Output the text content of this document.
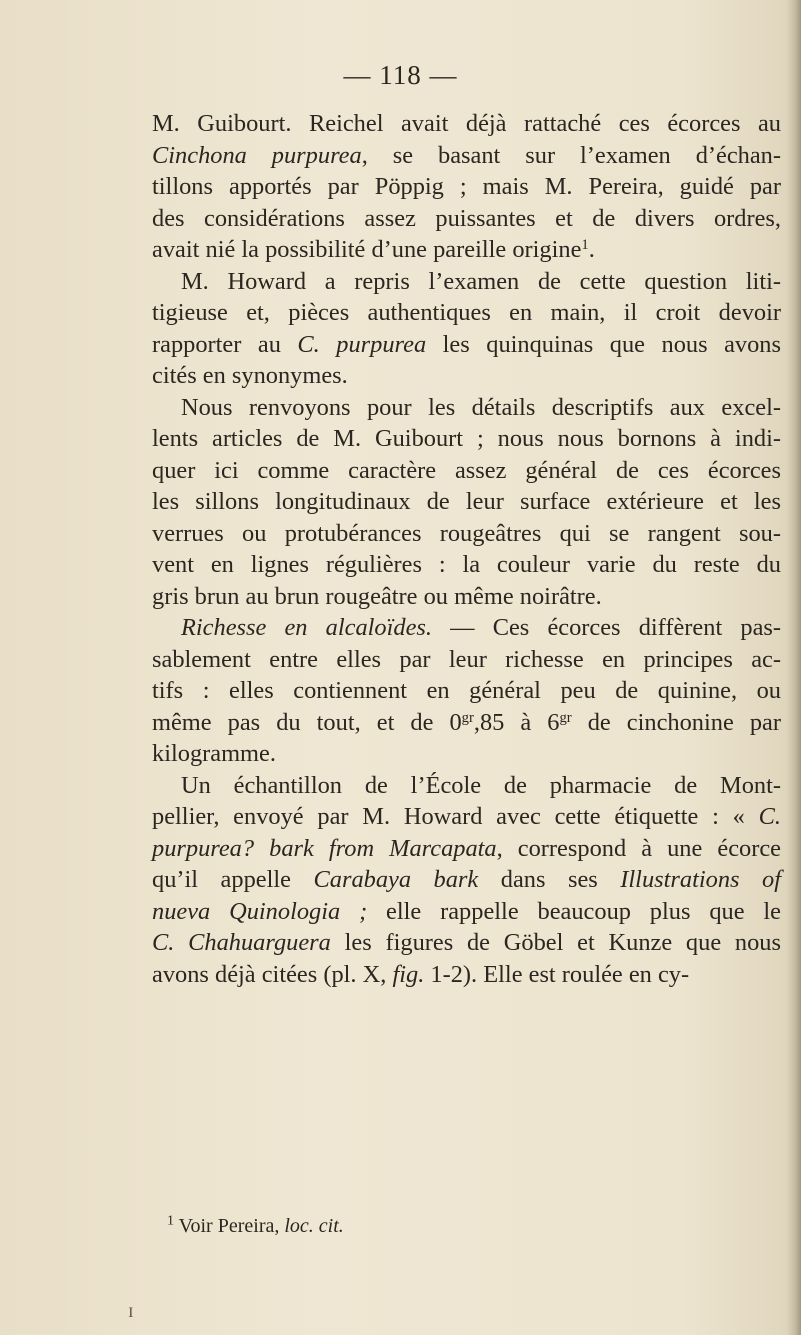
— 118 —

M. Guibourt. Reichel avait déjà rattaché ces écorces au
Cinchona purpurea, se basant sur l’examen d’échan-
tillons apportés par Pöppig ; mais M. Pereira, guidé par
des considérations assez puissantes et de divers ordres,
avait nié la possibilité d’une pareille origine$^1$.

M. Howard a repris l’examen de cette question liti-
tigieuse et, pièces authentiques en main, il croit devoir
rapporter au C. purpurea les quinquinas que nous avons
cités en synonymes.

Nous renvoyons pour les détails descriptifs aux excel-
lents articles de M. Guibourt ; nous nous bornons à indi-
quer ici comme caractère assez général de ces écorces
les sillons longitudinaux de leur surface extérieure et les
verrues ou protubérances rougeâtres qui se rangent sou-
vent en lignes régulières : la couleur varie du reste du
gris brun au brun rougeâtre ou même noirâtre.

Richesse en alcaloïdes. — Ces écorces diffèrent pas-
sablement entre elles par leur richesse en principes ac-
tifs : elles contiennent en général peu de quinine, ou
même pas du tout, et de $0^{gr},85$ à $6^{gr}$ de cinchonine par
kilogramme.

Un échantillon de l’École de pharmacie de Mont-
pellier, envoyé par M. Howard avec cette étiquette : « C.
purpurea? bark from Marcapata, correspond à une écorce
qu’il appelle Carabaya bark dans ses Illustrations of
nueva Quinologia ; elle rappelle beaucoup plus que le
C. Chahuarguera les figures de Göbel et Kunze que nous
avons déjà citées (pl. X, fig. 1-2). Elle est roulée en cy-

$^1$ Voir Pereira, loc. cit.
ɪ
